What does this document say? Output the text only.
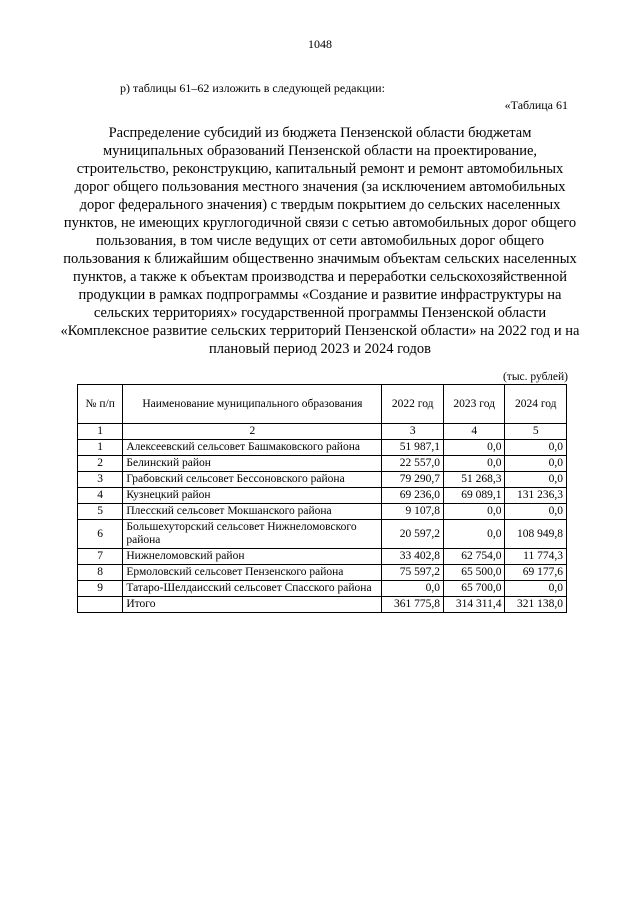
1048
р) таблицы 61–62 изложить в следующей редакции:
«Таблица 61
Распределение субсидий из бюджета Пензенской области бюджетам муниципальных образований Пензенской области на проектирование, строительство, реконструкцию, капитальный ремонт и ремонт автомобильных дорог общего пользования местного значения (за исключением автомобильных дорог федерального значения) с твердым покрытием до сельских населенных пунктов, не имеющих круглогодичной связи с сетью автомобильных дорог общего пользования, в том числе ведущих от сети автомобильных дорог общего пользования к ближайшим общественно значимым объектам сельских населенных пунктов, а также к объектам производства и переработки сельскохозяйственной продукции в рамках подпрограммы «Создание и развитие инфраструктуры на сельских территориях» государственной программы Пензенской области «Комплексное развитие сельских территорий Пензенской области» на 2022 год и на плановый период 2023 и 2024 годов
(тыс. рублей)
№ п/п	Наименование муниципального образования	2022 год	2023 год	2024 год
1	2	3	4	5
1	Алексеевский сельсовет Башмаковского района	51 987,1	0,0	0,0
2	Белинский район	22 557,0	0,0	0,0
3	Грабовский сельсовет Бессоновского района	79 290,7	51 268,3	0,0
4	Кузнецкий район	69 236,0	69 089,1	131 236,3
5	Плесский сельсовет Мокшанского района	9 107,8	0,0	0,0
6	Большехуторский сельсовет Нижнеломовского района	20 597,2	0,0	108 949,8
7	Нижнеломовский район	33 402,8	62 754,0	11 774,3
8	Ермоловский сельсовет Пензенского района	75 597,2	65 500,0	69 177,6
9	Татаро-Шелдаисский сельсовет Спасского района	0,0	65 700,0	0,0
	Итого	361 775,8	314 311,4	321 138,0
